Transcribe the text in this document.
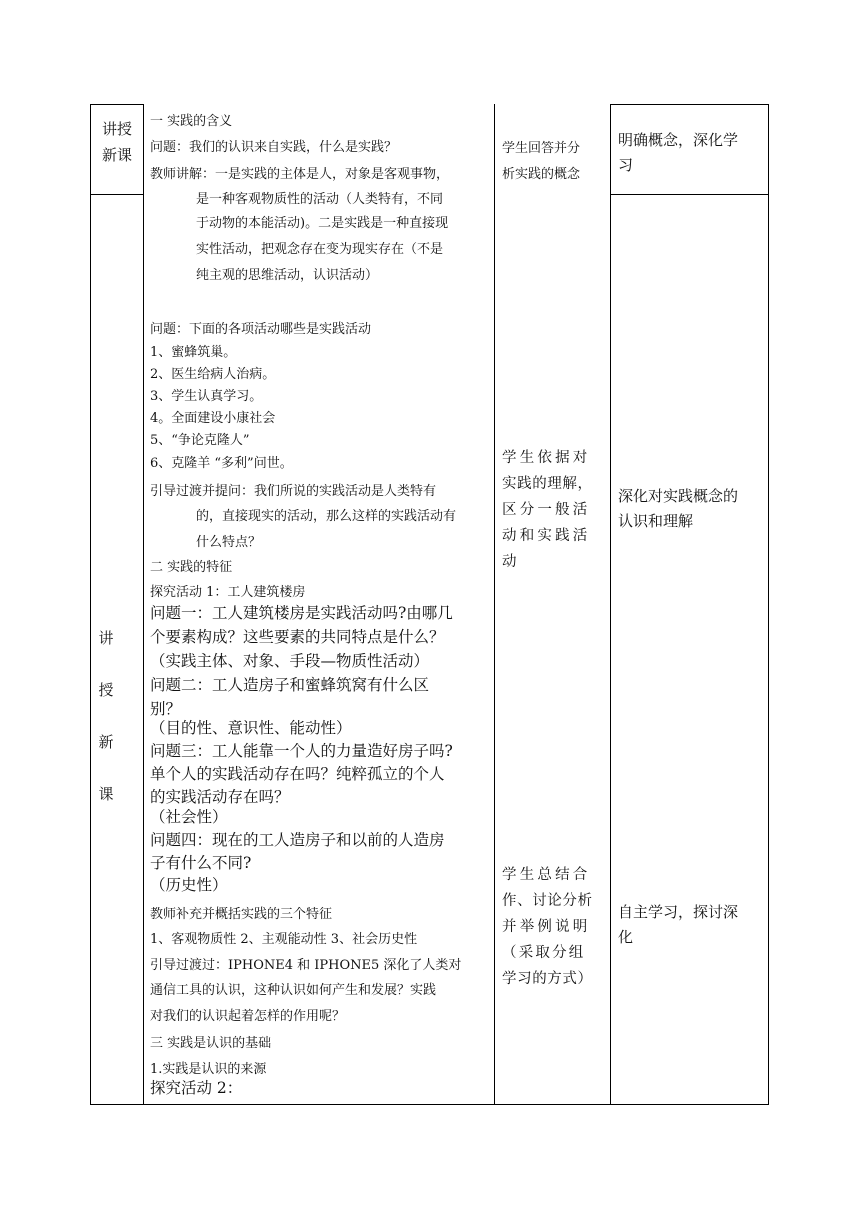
讲授
新课
讲
授
新
课
一 实践的含义
问题：我们的认识来自实践，什么是实践？
教师讲解：一是实践的主体是人，对象是客观事物，
是一种客观物质性的活动（人类特有，不同
于动物的本能活动)。二是实践是一种直接现
实性活动，把观念存在变为现实存在（不是
纯主观的思维活动，认识活动）
问题：下面的各项活动哪些是实践活动
1、蜜蜂筑巢。
2、医生给病人治病。
3、学生认真学习。
4。全面建设小康社会
5、“争论克隆人”
6、克隆羊 “多利”问世。
引导过渡并提问：我们所说的实践活动是人类特有
的，直接现实的活动，那么这样的实践活动有
什么特点？
二 实践的特征
探究活动 1：工人建筑楼房
问题一：工人建筑楼房是实践活动吗?由哪几
个要素构成？这些要素的共同特点是什么？
（实践主体、对象、手段—物质性活动）
问题二：工人造房子和蜜蜂筑窝有什么区
别？
（目的性、意识性、能动性）
问题三：工人能靠一个人的力量造好房子吗?
单个人的实践活动存在吗？纯粹孤立的个人
的实践活动存在吗？
（社会性）
问题四：现在的工人造房子和以前的人造房
子有什么不同?
（历史性）
教师补充并概括实践的三个特征
1、客观物质性 2、主观能动性 3、社会历史性
引导过渡过：IPHONE4 和 IPHONE5 深化了人类对
通信工具的认识，这种认识如何产生和发展？实践
对我们的认识起着怎样的作用呢？
三 实践是认识的基础
1.实践是认识的来源
探究活动 2：
学生回答并分
析实践的概念
学生依据对
实践的理解，
区分一般活
动和实践活
动
学生总结合
作、讨论分析
并举例说明
（采取分组
学习的方式）
明确概念，深化学
习
深化对实践概念的
认识和理解
自主学习，探讨深
化
